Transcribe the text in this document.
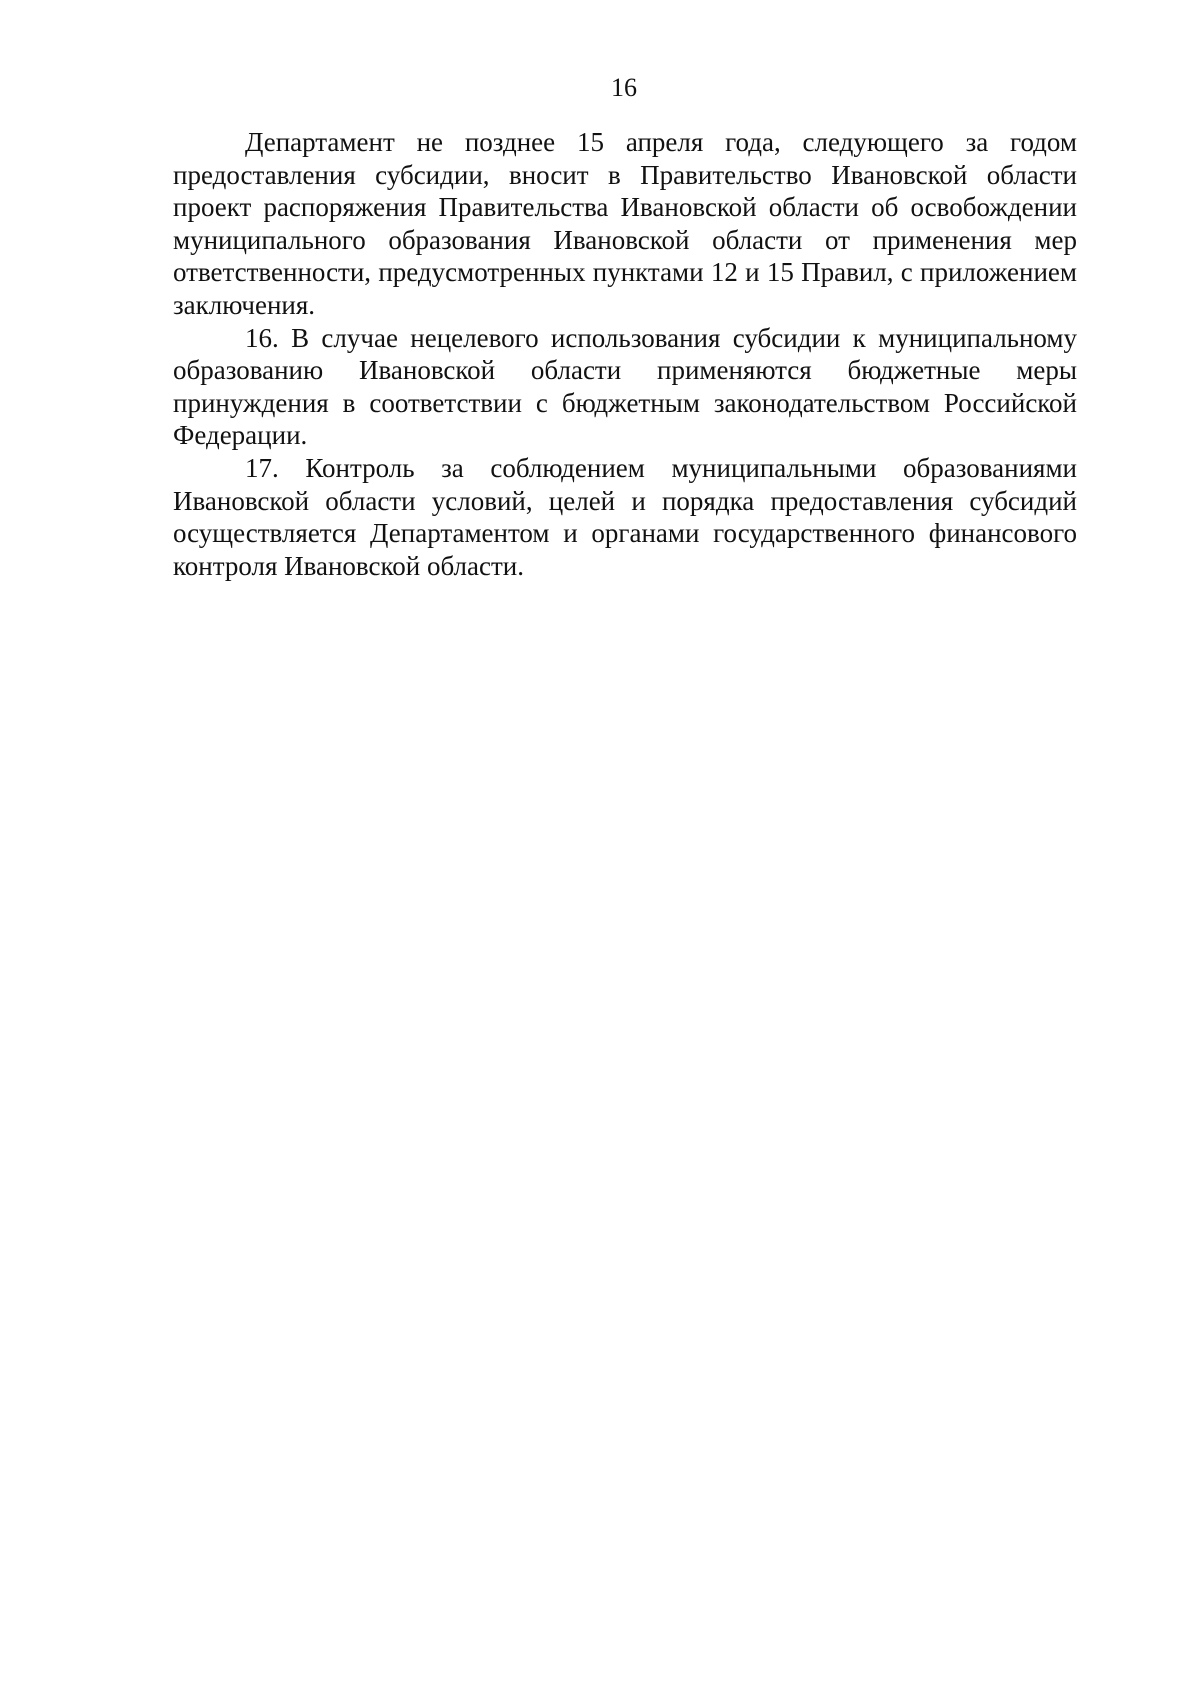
16

Департамент не позднее 15 апреля года, следующего за годом предоставления субсидии, вносит в Правительство Ивановской области проект распоряжения Правительства Ивановской области об освобождении муниципального образования Ивановской области от применения мер ответственности, предусмотренных пунктами 12 и 15 Правил, с приложением заключения.

16. В случае нецелевого использования субсидии к муниципальному образованию Ивановской области применяются бюджетные меры принуждения в соответствии с бюджетным законодательством Российской Федерации.

17. Контроль за соблюдением муниципальными образованиями Ивановской области условий, целей и порядка предоставления субсидий осуществляется Департаментом и органами государственного финансового контроля Ивановской области.
